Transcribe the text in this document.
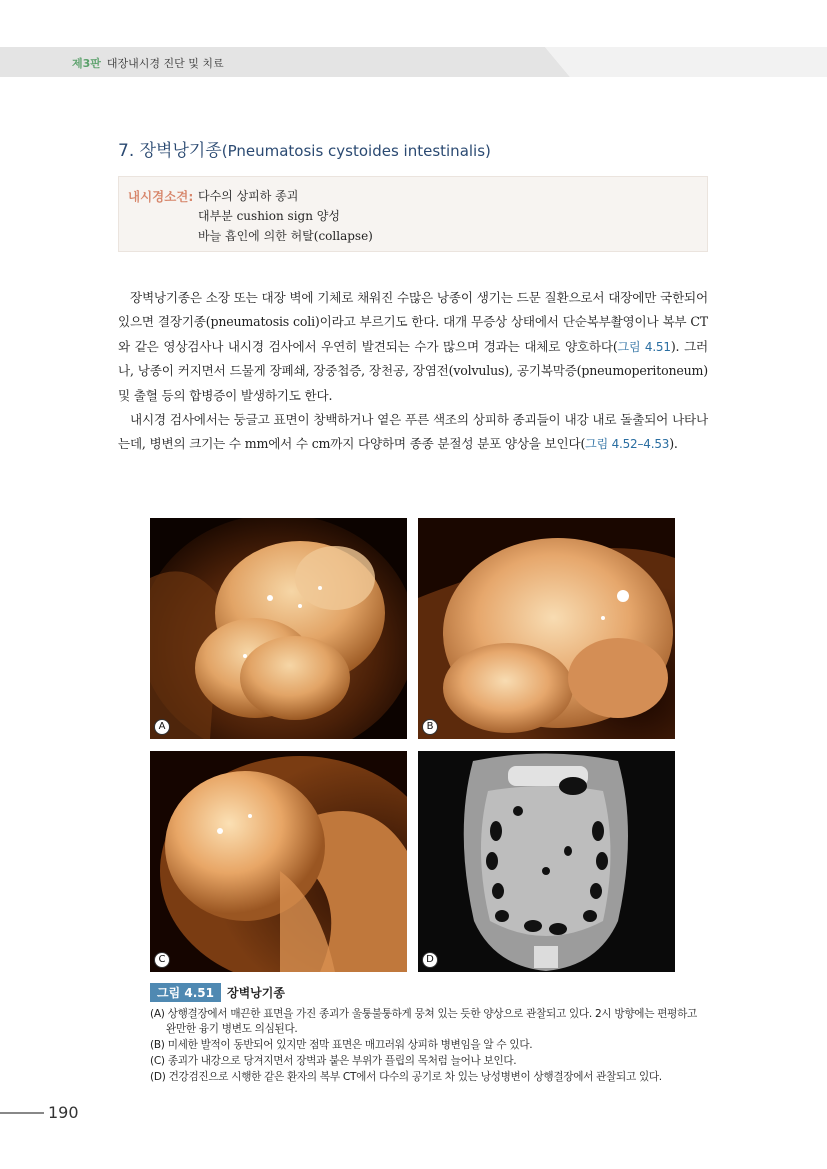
제3판 대장내시경 진단 및 치료
7. 장벽낭기종(Pneumatosis cystoides intestinalis)
내시경소견: 다수의 상피하 종괴
대부분 cushion sign 양성
바늘 흡인에 의한 허탈(collapse)

장벽낭기종은 소장 또는 대장 벽에 기체로 채워진 수많은 낭종이 생기는 드문 질환으로서 대장에만 국한되어 있으면 결장기종(pneumatosis coli)이라고 부르기도 한다. 대개 무증상 상태에서 단순복부촬영이나 복부 CT와 같은 영상검사나 내시경 검사에서 우연히 발견되는 수가 많으며 경과는 대체로 양호하다(그림 4.51). 그러나, 낭종이 커지면서 드물게 장폐쇄, 장중첩증, 장천공, 장염전(volvulus), 공기복막증(pneumoperitoneum) 및 출혈 등의 합병증이 발생하기도 한다.

내시경 검사에서는 둥글고 표면이 창백하거나 옅은 푸른 색조의 상피하 종괴들이 내강 내로 돌출되어 나타나는데, 병변의 크기는 수 mm에서 수 cm까지 다양하며 종종 분절성 분포 양상을 보인다(그림 4.52–4.53).

A	B
C	D
그림 4.51 장벽낭기종
(A) 상행결장에서 매끈한 표면을 가진 종괴가 울퉁불퉁하게 뭉쳐 있는 듯한 양상으로 관찰되고 있다. 2시 방향에는 편평하고
완만한 융기 병변도 의심된다.
(B) 미세한 발적이 동반되어 있지만 점막 표면은 매끄러워 상피하 병변임을 알 수 있다.
(C) 종괴가 내강으로 당겨지면서 장벽과 붙은 부위가 플립의 목처럼 늘어나 보인다.
(D) 건강검진으로 시행한 같은 환자의 복부 CT에서 다수의 공기로 차 있는 낭성병변이 상행결장에서 관찰되고 있다.
190
